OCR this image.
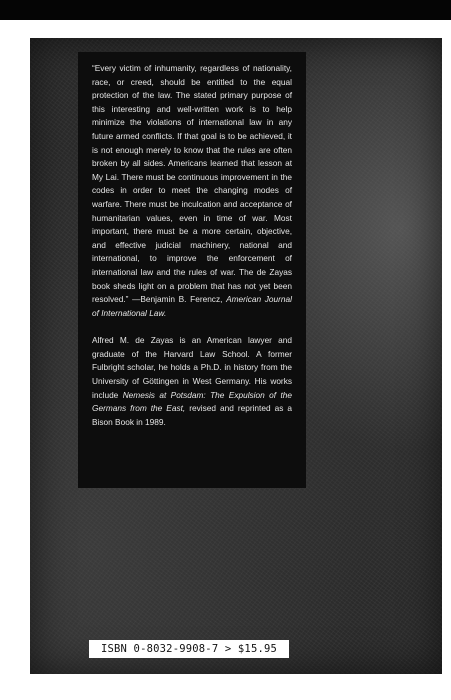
“Every victim of inhumanity, regardless of nationality, race, or creed, should be entitled to the equal protection of the law. The stated primary purpose of this interesting and well-written work is to help minimize the violations of international law in any future armed conflicts. If that goal is to be achieved, it is not enough merely to know that the rules are often broken by all sides. Americans learned that lesson at My Lai. There must be continuous improvement in the codes in order to meet the changing modes of warfare. There must be inculcation and acceptance of humanitarian values, even in time of war. Most important, there must be a more certain, objective, and effective judicial machinery, national and international, to improve the enforcement of international law and the rules of war. The de Zayas book sheds light on a problem that has not yet been resolved.” —Benjamin B. Ferencz, American Journal of International Law.

Alfred M. de Zayas is an American lawyer and graduate of the Harvard Law School. A former Fulbright scholar, he holds a Ph.D. in history from the University of Göttingen in West Germany. His works include Nemesis at Potsdam: The Expulsion of the Germans from the East, revised and reprinted as a Bison Book in 1989.

ISBN 0-8032-9908-7 > $15.95
